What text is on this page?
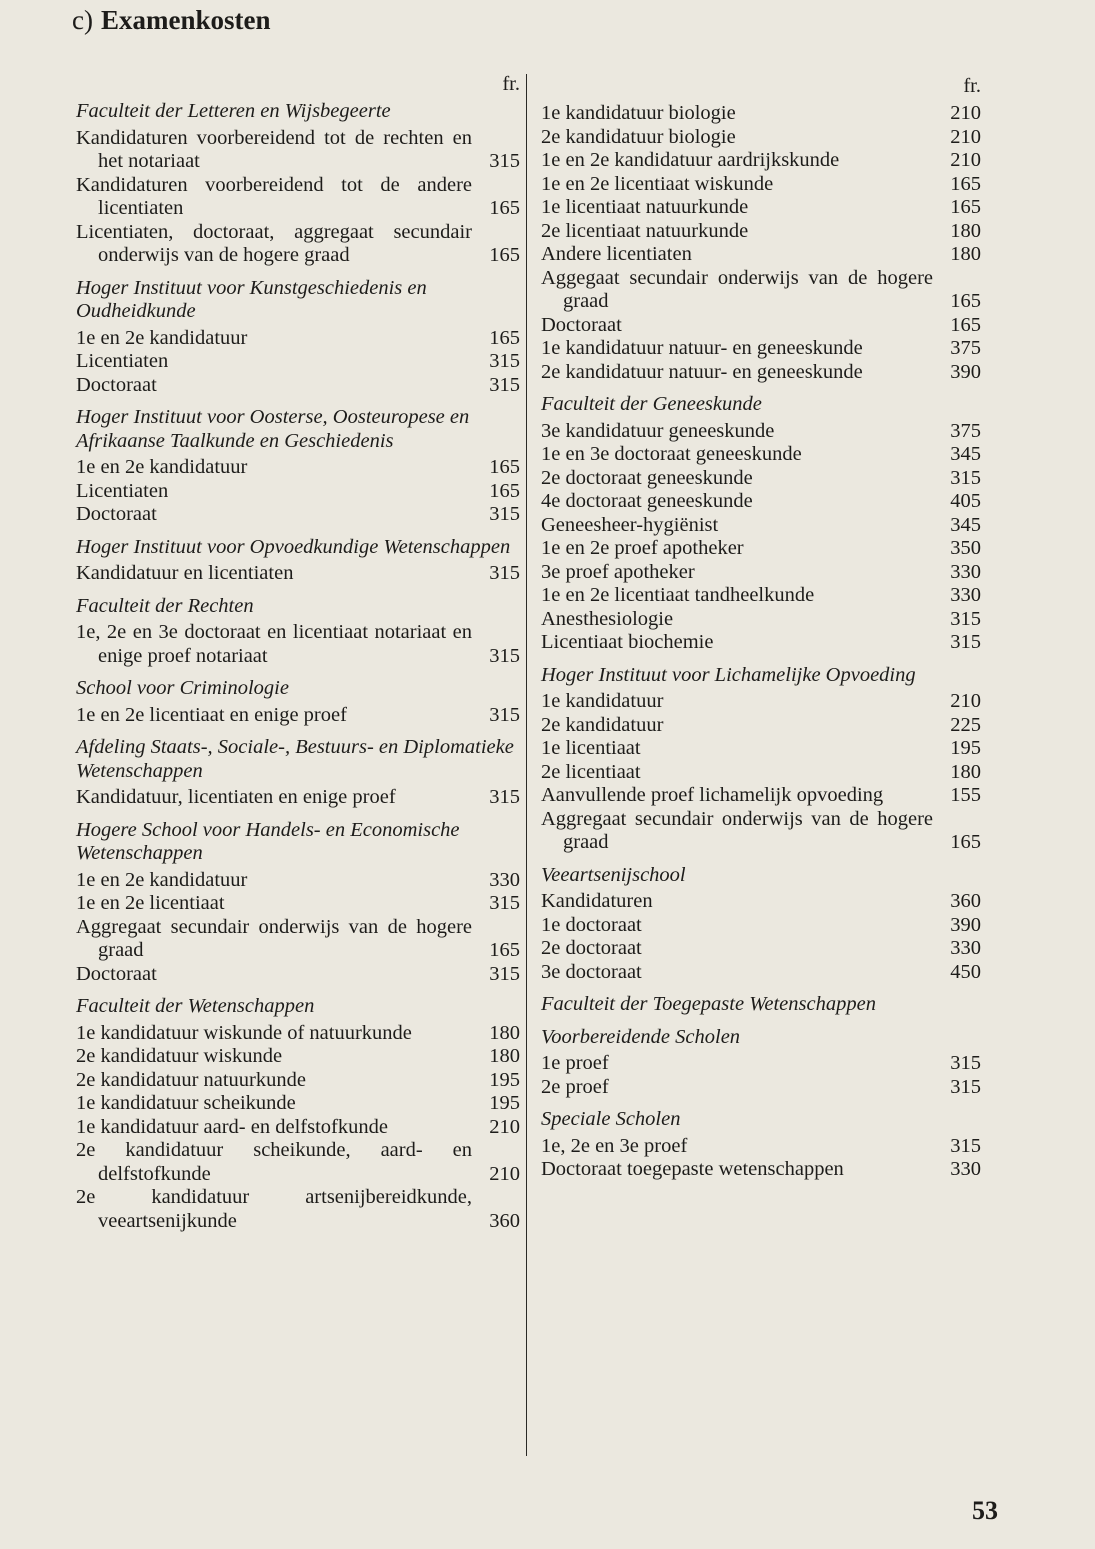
c) Examenkosten
fr.
Faculteit der Letteren en Wijsbegeerte
Kandidaturen voorbereidend tot de rechten en het notariaat	315
Kandidaturen voorbereidend tot de andere licentiaten	165
Licentiaten, doctoraat, aggregaat secundair onderwijs van de hogere graad	165
Hoger Instituut voor Kunstgeschiedenis en Oudheidkunde
1e en 2e kandidatuur	165
Licentiaten	315
Doctoraat	315
Hoger Instituut voor Oosterse, Oosteuropese en Afrikaanse Taalkunde en Geschiedenis
1e en 2e kandidatuur	165
Licentiaten	165
Doctoraat	315
Hoger Instituut voor Opvoedkundige Wetenschappen
Kandidatuur en licentiaten	315
Faculteit der Rechten
1e, 2e en 3e doctoraat en licentiaat notariaat en enige proef notariaat	315
School voor Criminologie
1e en 2e licentiaat en enige proef	315
Afdeling Staats-, Sociale-, Bestuurs- en Diplomatieke Wetenschappen
Kandidatuur, licentiaten en enige proef	315
Hogere School voor Handels- en Economische Wetenschappen
1e en 2e kandidatuur	330
1e en 2e licentiaat	315
Aggregaat secundair onderwijs van de hogere graad	165
Doctoraat	315
Faculteit der Wetenschappen
1e kandidatuur wiskunde of natuurkunde	180
2e kandidatuur wiskunde	180
2e kandidatuur natuurkunde	195
1e kandidatuur scheikunde	195
1e kandidatuur aard- en delfstofkunde	210
2e kandidatuur scheikunde, aard- en delfstofkunde	210
2e kandidatuur artsenijbereidkunde, veeartsenijkunde	360
fr.
1e kandidatuur biologie	210
2e kandidatuur biologie	210
1e en 2e kandidatuur aardrijkskunde	210
1e en 2e licentiaat wiskunde	165
1e licentiaat natuurkunde	165
2e licentiaat natuurkunde	180
Andere licentiaten	180
Aggegaat secundair onderwijs van de hogere graad	165
Doctoraat	165
1e kandidatuur natuur- en geneeskunde	375
2e kandidatuur natuur- en geneeskunde	390
Faculteit der Geneeskunde
3e kandidatuur geneeskunde	375
1e en 3e doctoraat geneeskunde	345
2e doctoraat geneeskunde	315
4e doctoraat geneeskunde	405
Geneesheer-hygiënist	345
1e en 2e proef apotheker	350
3e proef apotheker	330
1e en 2e licentiaat tandheelkunde	330
Anesthesiologie	315
Licentiaat biochemie	315
Hoger Instituut voor Lichamelijke Opvoeding
1e kandidatuur	210
2e kandidatuur	225
1e licentiaat	195
2e licentiaat	180
Aanvullende proef lichamelijk opvoeding	155
Aggregaat secundair onderwijs van de hogere graad	165
Veeartsenijschool
Kandidaturen	360
1e doctoraat	390
2e doctoraat	330
3e doctoraat	450
Faculteit der Toegepaste Wetenschappen
Voorbereidende Scholen
1e proef	315
2e proef	315
Speciale Scholen
1e, 2e en 3e proef	315
Doctoraat toegepaste wetenschappen	330
53
